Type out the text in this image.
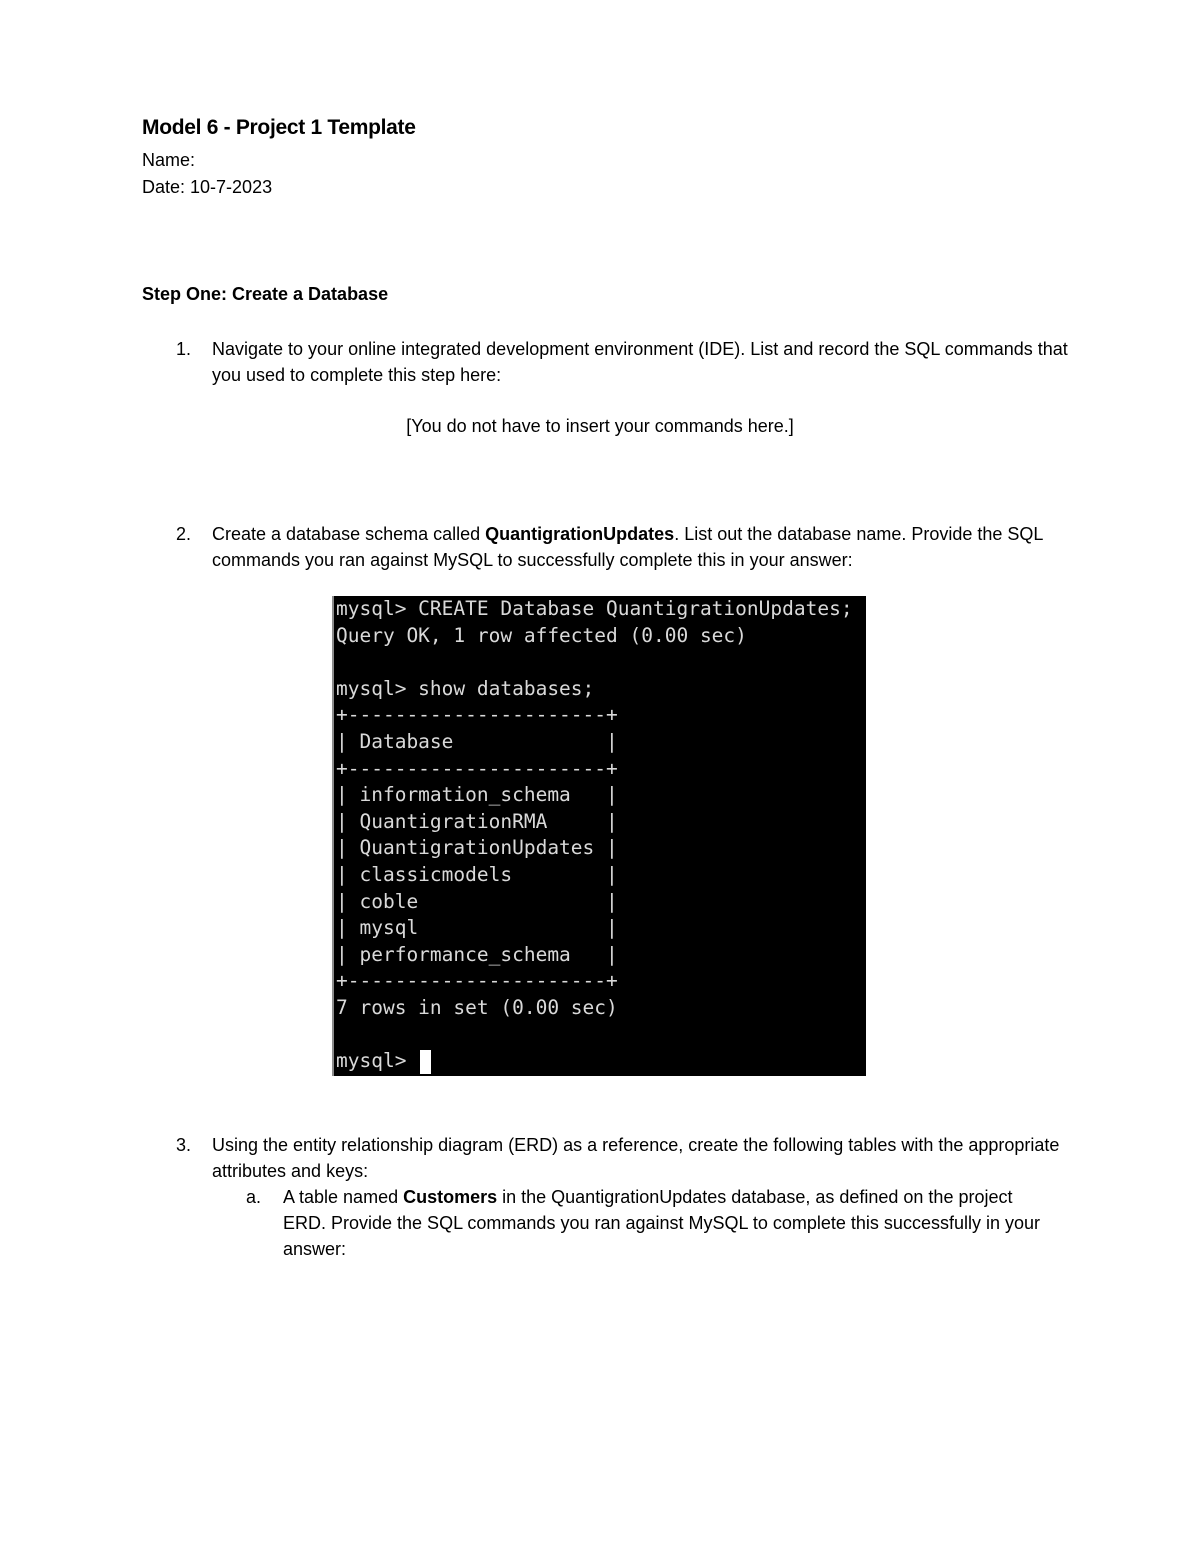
Model 6 - Project 1 Template
Name:
Date: 10-7-2023
Step One: Create a Database
1. Navigate to your online integrated development environment (IDE). List and record the SQL commands that you used to complete this step here:
[You do not have to insert your commands here.]
2. Create a database schema called QuantigrationUpdates. List out the database name. Provide the SQL commands you ran against MySQL to successfully complete this in your answer:
mysql> CREATE Database QuantigrationUpdates;
Query OK, 1 row affected (0.00 sec)
mysql> show databases;
+----------------------+
| Database             |
+----------------------+
| information_schema   |
| QuantigrationRMA     |
| QuantigrationUpdates |
| classicmodels        |
| coble                |
| mysql                |
| performance_schema   |
+----------------------+
7 rows in set (0.00 sec)
mysql>
3. Using the entity relationship diagram (ERD) as a reference, create the following tables with the appropriate attributes and keys:
a. A table named Customers in the QuantigrationUpdates database, as defined on the project ERD. Provide the SQL commands you ran against MySQL to complete this successfully in your answer:
